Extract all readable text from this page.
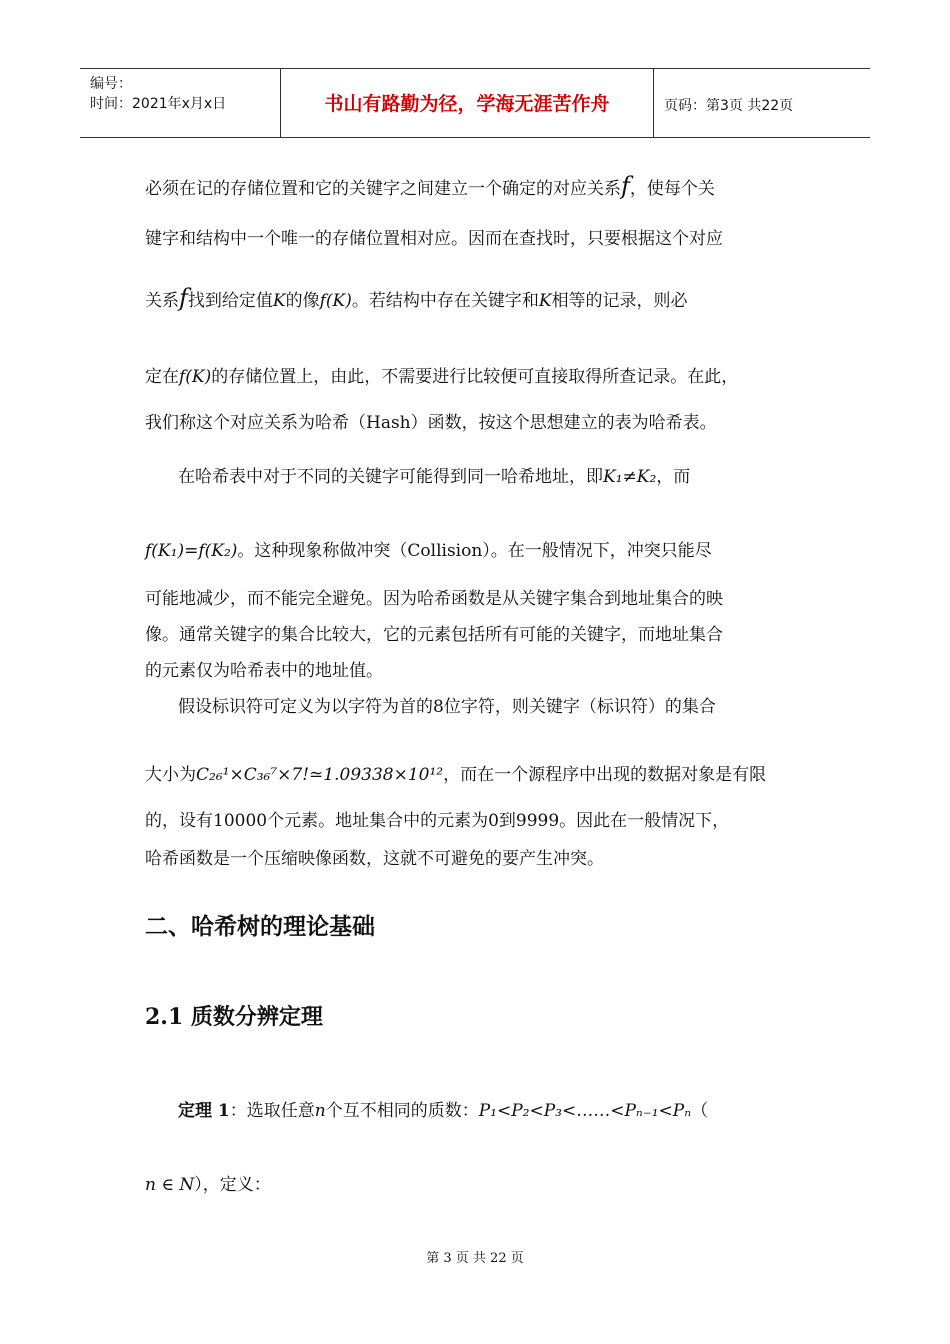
编号：
时间：2021年x月x日	书山有路勤为径，学海无涯苦作舟	页码：第3页 共22页
必须在记的存储位置和它的关键字之间建立一个确定的对应关系f，使每个关
键字和结构中一个唯一的存储位置相对应。因而在查找时，只要根据这个对应
关系f找到给定值K的像f(K)。若结构中存在关键字和K相等的记录，则必
定在f(K)的存储位置上，由此，不需要进行比较便可直接取得所查记录。在此，
我们称这个对应关系为哈希（Hash）函数，按这个思想建立的表为哈希表。
在哈希表中对于不同的关键字可能得到同一哈希地址，即K₁≠K₂，而
f(K₁)=f(K₂)。这种现象称做冲突（Collision）。在一般情况下，冲突只能尽
可能地减少，而不能完全避免。因为哈希函数是从关键字集合到地址集合的映
像。通常关键字的集合比较大，它的元素包括所有可能的关键字，而地址集合
的元素仅为哈希表中的地址值。
假设标识符可定义为以字符为首的8位字符，则关键字（标识符）的集合
大小为C₂₆¹×C₃₆⁷×7!≃1.09338×10¹²，而在一个源程序中出现的数据对象是有限
的，设有10000个元素。地址集合中的元素为0到9999。因此在一般情况下，
哈希函数是一个压缩映像函数，这就不可避免的要产生冲突。
二、哈希树的理论基础
2.1 质数分辨定理
定理 1：选取任意n个互不相同的质数：P₁<P₂<P₃<……<Pₙ₋₁<Pₙ（
n ∈ N），定义：
第 3 页 共 22 页
